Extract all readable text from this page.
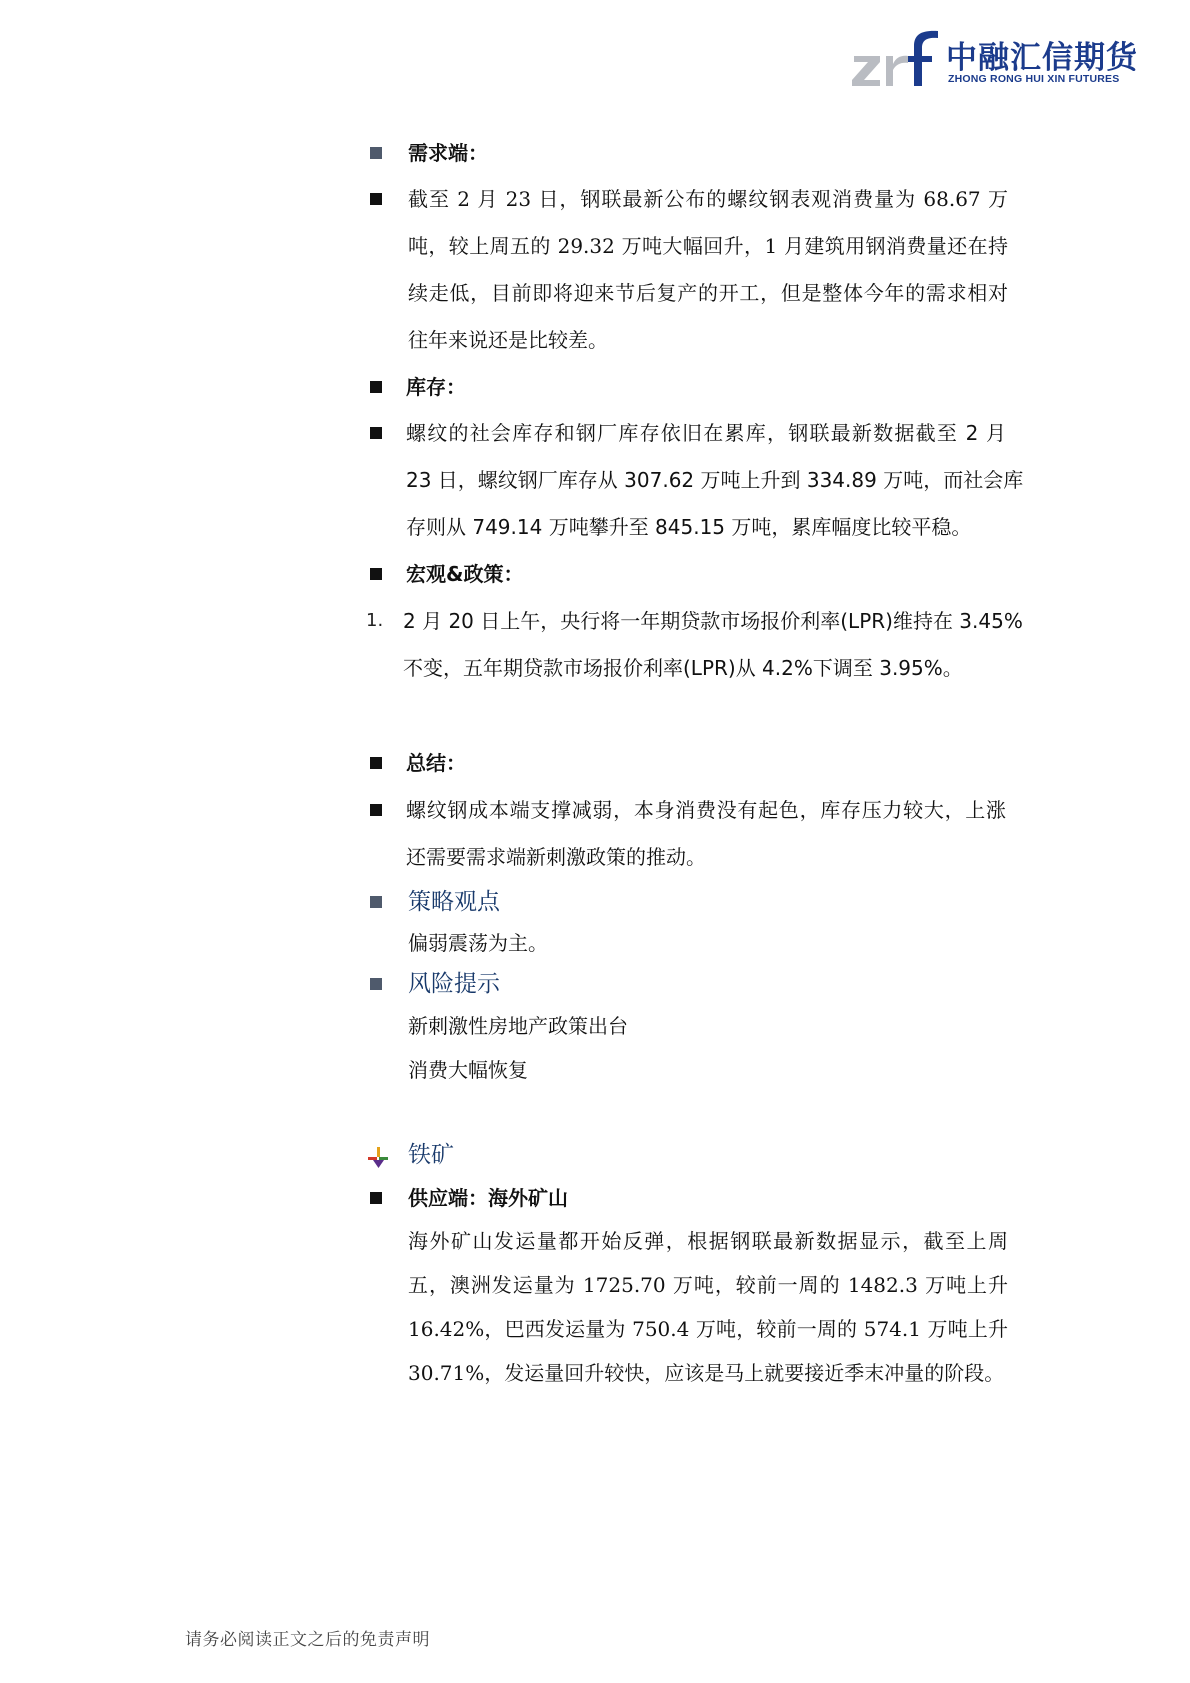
中融汇信期货
ZHONG RONG HUI XIN FUTURES
需求端：
截至 2 月 23 日，钢联最新公布的螺纹钢表观消费量为 68.67 万
吨，较上周五的 29.32 万吨大幅回升，1 月建筑用钢消费量还在持
续走低，目前即将迎来节后复产的开工，但是整体今年的需求相对
往年来说还是比较差。
库存：
螺纹的社会库存和钢厂库存依旧在累库，钢联最新数据截至 2 月
23 日，螺纹钢厂库存从 307.62 万吨上升到 334.89 万吨，而社会库
存则从 749.14 万吨攀升至 845.15 万吨，累库幅度比较平稳。
宏观&政策：
1. 2 月 20 日上午，央行将一年期贷款市场报价利率(LPR)维持在 3.45%
不变，五年期贷款市场报价利率(LPR)从 4.2%下调至 3.95%。
总结：
螺纹钢成本端支撑减弱，本身消费没有起色，库存压力较大，上涨
还需要需求端新刺激政策的推动。
策略观点
偏弱震荡为主。
风险提示
新刺激性房地产政策出台
消费大幅恢复
铁矿
供应端：海外矿山
海外矿山发运量都开始反弹，根据钢联最新数据显示，截至上周
五，澳洲发运量为 1725.70 万吨，较前一周的 1482.3 万吨上升
16.42%，巴西发运量为 750.4 万吨，较前一周的 574.1 万吨上升
30.71%，发运量回升较快，应该是马上就要接近季末冲量的阶段。
请务必阅读正文之后的免责声明
